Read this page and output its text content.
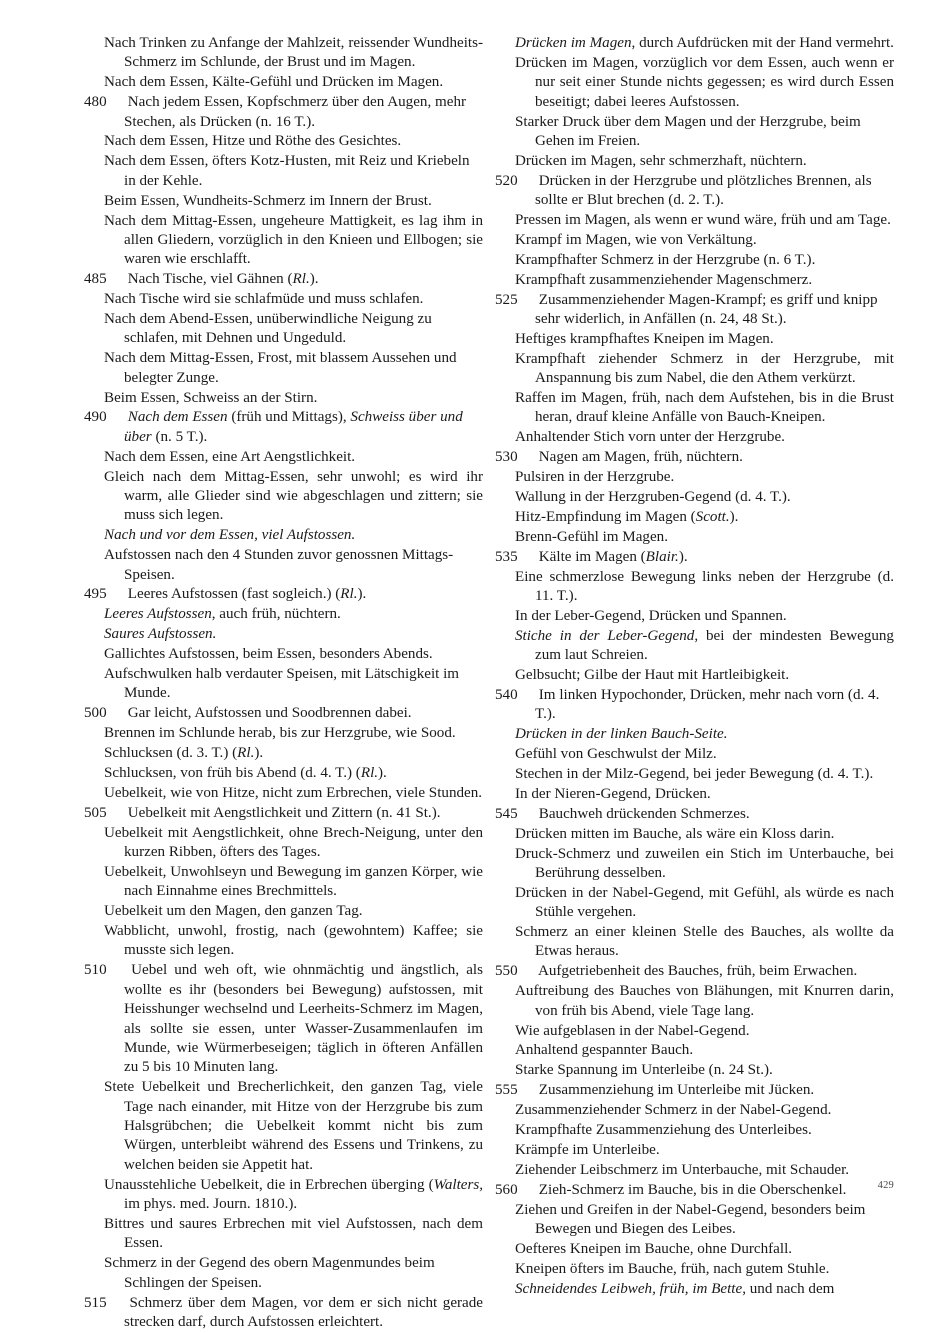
Nach Trinken zu Anfange der Mahlzeit, reissender Wundheits-Schmerz im Schlunde, der Brust und im Magen.

Nach dem Essen, Kälte-Gefühl und Drücken im Magen.

480 Nach jedem Essen, Kopfschmerz über den Augen, mehr Stechen, als Drücken (n. 16 T.).

Nach dem Essen, Hitze und Röthe des Gesichtes.

Nach dem Essen, öfters Kotz-Husten, mit Reiz und Kriebeln in der Kehle.

Beim Essen, Wundheits-Schmerz im Innern der Brust.

Nach dem Mittag-Essen, ungeheure Mattigkeit, es lag ihm in allen Gliedern, vorzüglich in den Knieen und Ellbogen; sie waren wie erschlafft.

485 Nach Tische, viel Gähnen (Rl.).

Nach Tische wird sie schlafmüde und muss schlafen.

Nach dem Abend-Essen, unüberwindliche Neigung zu schlafen, mit Dehnen und Ungeduld.

Nach dem Mittag-Essen, Frost, mit blassem Aussehen und belegter Zunge.

Beim Essen, Schweiss an der Stirn.

490 Nach dem Essen (früh und Mittags), Schweiss über und über (n. 5 T.).

Nach dem Essen, eine Art Aengstlichkeit.

Gleich nach dem Mittag-Essen, sehr unwohl; es wird ihr warm, alle Glieder sind wie abgeschlagen und zittern; sie muss sich legen.

Nach und vor dem Essen, viel Aufstossen.

Aufstossen nach den 4 Stunden zuvor genossnen Mittags-Speisen.

495 Leeres Aufstossen (fast sogleich.) (Rl.).

Leeres Aufstossen, auch früh, nüchtern.

Saures Aufstossen.

Gallichtes Aufstossen, beim Essen, besonders Abends.

Aufschwulken halb verdauter Speisen, mit Lätschigkeit im Munde.

500 Gar leicht, Aufstossen und Soodbrennen dabei.

Brennen im Schlunde herab, bis zur Herzgrube, wie Sood.

Schlucksen (d. 3. T.) (Rl.).

Schlucksen, von früh bis Abend (d. 4. T.) (Rl.).

Uebelkeit, wie von Hitze, nicht zum Erbrechen, viele Stunden.

505 Uebelkeit mit Aengstlichkeit und Zittern (n. 41 St.).

Uebelkeit mit Aengstlichkeit, ohne Brech-Neigung, unter den kurzen Ribben, öfters des Tages.

Uebelkeit, Unwohlseyn und Bewegung im ganzen Körper, wie nach Einnahme eines Brechmittels.

Uebelkeit um den Magen, den ganzen Tag.

Wabblicht, unwohl, frostig, nach (gewohntem) Kaffee; sie musste sich legen.

510 Uebel und weh oft, wie ohnmächtig und ängstlich, als wollte es ihr (besonders bei Bewegung) aufstossen, mit Heisshunger wechselnd und Leerheits-Schmerz im Magen, als sollte sie essen, unter Wasser-Zusammenlaufen im Munde, wie Würmerbeseigen; täglich in öfteren Anfällen zu 5 bis 10 Minuten lang.

Stete Uebelkeit und Brecherlichkeit, den ganzen Tag, viele Tage nach einander, mit Hitze von der Herzgrube bis zum Halsgrübchen; die Uebelkeit kommt nicht bis zum Würgen, unterbleibt während des Essens und Trinkens, zu welchen beiden sie Appetit hat.

Unausstehliche Uebelkeit, die in Erbrechen überging (Walters, im phys. med. Journ. 1810.).

Bittres und saures Erbrechen mit viel Aufstossen, nach dem Essen.

Schmerz in der Gegend des obern Magenmundes beim Schlingen der Speisen.

515 Schmerz über dem Magen, vor dem er sich nicht gerade strecken darf, durch Aufstossen erleichtert.

Drücken im Magen, durch Aufdrücken mit der Hand vermehrt.

Drücken im Magen, vorzüglich vor dem Essen, auch wenn er nur seit einer Stunde nichts gegessen; es wird durch Essen beseitigt; dabei leeres Aufstossen.

Starker Druck über dem Magen und der Herzgrube, beim Gehen im Freien.

Drücken im Magen, sehr schmerzhaft, nüchtern.

520 Drücken in der Herzgrube und plötzliches Brennen, als sollte er Blut brechen (d. 2. T.).

Pressen im Magen, als wenn er wund wäre, früh und am Tage.

Krampf im Magen, wie von Verkältung.

Krampfhafter Schmerz in der Herzgrube (n. 6 T.).

Krampfhaft zusammenziehender Magenschmerz.

525 Zusammenziehender Magen-Krampf; es griff und knipp sehr widerlich, in Anfällen (n. 24, 48 St.).

Heftiges krampfhaftes Kneipen im Magen.

Krampfhaft ziehender Schmerz in der Herzgrube, mit Anspannung bis zum Nabel, die den Athem verkürzt.

Raffen im Magen, früh, nach dem Aufstehen, bis in die Brust heran, drauf kleine Anfälle von Bauch-Kneipen.

Anhaltender Stich vorn unter der Herzgrube.

530 Nagen am Magen, früh, nüchtern.

Pulsiren in der Herzgrube.

Wallung in der Herzgruben-Gegend (d. 4. T.).

Hitz-Empfindung im Magen (Scott.).

Brenn-Gefühl im Magen.

535 Kälte im Magen (Blair.).

Eine schmerzlose Bewegung links neben der Herzgrube (d. 11. T.).

In der Leber-Gegend, Drücken und Spannen.

Stiche in der Leber-Gegend, bei der mindesten Bewegung zum laut Schreien.

Gelbsucht; Gilbe der Haut mit Hartleibigkeit.

540 Im linken Hypochonder, Drücken, mehr nach vorn (d. 4. T.).

Drücken in der linken Bauch-Seite.

Gefühl von Geschwulst der Milz.

Stechen in der Milz-Gegend, bei jeder Bewegung (d. 4. T.).

In der Nieren-Gegend, Drücken.

545 Bauchweh drückenden Schmerzes.

Drücken mitten im Bauche, als wäre ein Kloss darin.

Druck-Schmerz und zuweilen ein Stich im Unterbauche, bei Berührung desselben.

Drücken in der Nabel-Gegend, mit Gefühl, als würde es nach Stühle vergehen.

Schmerz an einer kleinen Stelle des Bauches, als wollte da Etwas heraus.

550 Aufgetriebenheit des Bauches, früh, beim Erwachen.

Auftreibung des Bauches von Blähungen, mit Knurren darin, von früh bis Abend, viele Tage lang.

Wie aufgeblasen in der Nabel-Gegend.

Anhaltend gespannter Bauch.

Starke Spannung im Unterleibe (n. 24 St.).

555 Zusammenziehung im Unterleibe mit Jücken.

Zusammenziehender Schmerz in der Nabel-Gegend.

Krampfhafte Zusammenziehung des Unterleibes.

Krämpfe im Unterleibe.

Ziehender Leibschmerz im Unterbauche, mit Schauder.

560 Zieh-Schmerz im Bauche, bis in die Oberschenkel.

Ziehen und Greifen in der Nabel-Gegend, besonders beim Bewegen und Biegen des Leibes.

Oefteres Kneipen im Bauche, ohne Durchfall.

Kneipen öfters im Bauche, früh, nach gutem Stuhle.

Schneidendes Leibweh, früh, im Bette, und nach dem

429
